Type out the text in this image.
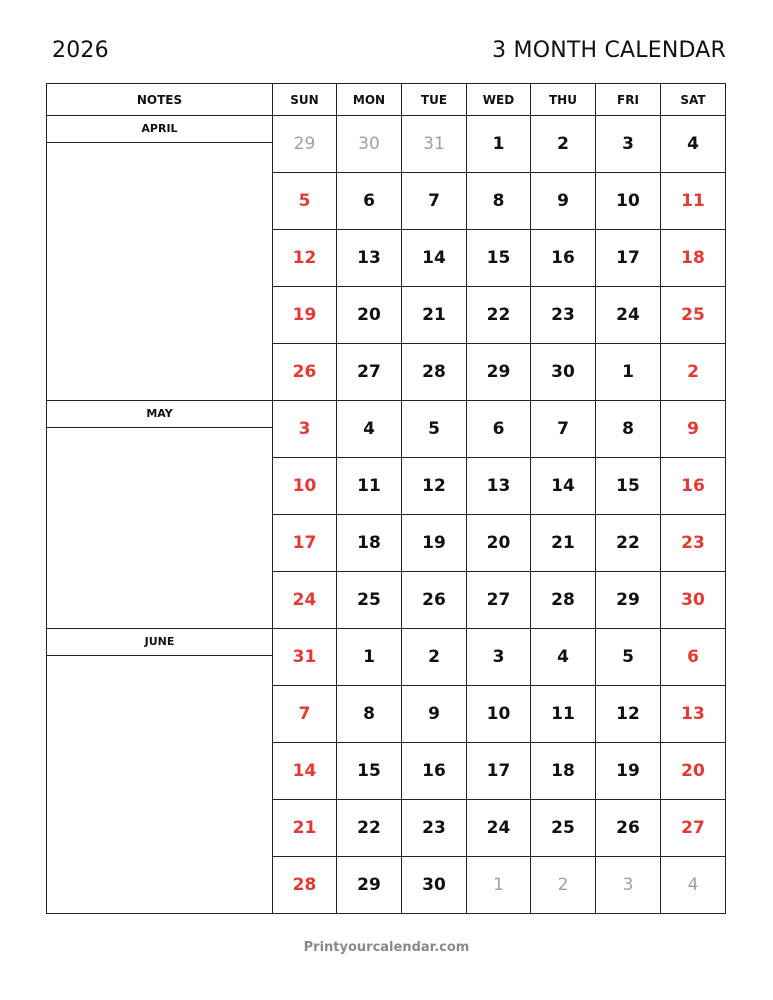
2026	3 MONTH CALENDAR
NOTES	SUN	MON	TUE	WED	THU	FRI	SAT

APRIL	29	30	31	1	2	3	4
	5	6	7	8	9	10	11
	12	13	14	15	16	17	18
	19	20	21	22	23	24	25
	26	27	28	29	30	1	2

MAY	3	4	5	6	7	8	9
	10	11	12	13	14	15	16
	17	18	19	20	21	22	23
	24	25	26	27	28	29	30

JUNE	31	1	2	3	4	5	6
	7	8	9	10	11	12	13
	14	15	16	17	18	19	20
	21	22	23	24	25	26	27
	28	29	30	1	2	3	4
Printyourcalendar.com
